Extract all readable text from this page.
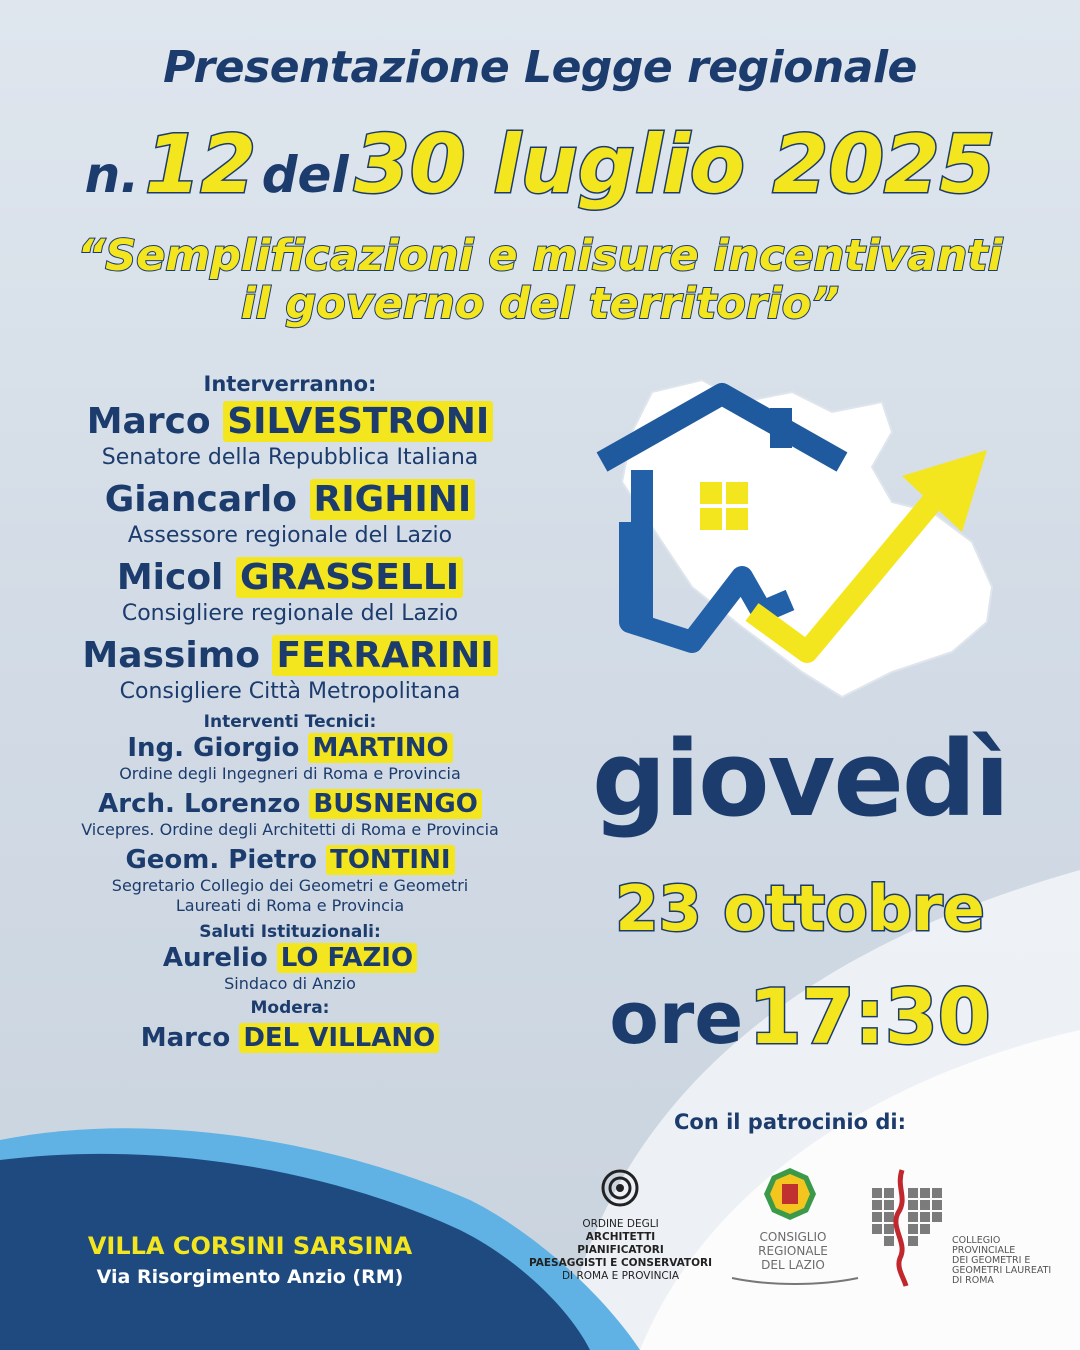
Presentazione Legge regionale
n. 12 del 30 luglio 2025
“Semplificazioni e misure incentivanti
il governo del territorio”
Interverranno:
Marco SILVESTRONI
Senatore della Repubblica Italiana
Giancarlo RIGHINI
Assessore regionale del Lazio
Micol GRASSELLI
Consigliere regionale del Lazio
Massimo FERRARINI
Consigliere Città Metropolitana
Interventi Tecnici:
Ing. Giorgio MARTINO
Ordine degli Ingegneri di Roma e Provincia
Arch. Lorenzo BUSNENGO
Vicepres. Ordine degli Architetti di Roma e Provincia
Geom. Pietro TONTINI
Segretario Collegio dei Geometri e Geometri
Laureati di Roma e Provincia
Saluti Istituzionali:
Aurelio LO FAZIO
Sindaco di Anzio
Modera:
Marco DEL VILLANO
giovedì
23 ottobre
ore 17:30
Con il patrocinio di:
ORDINE DEGLI
ARCHITETTI
PIANIFICATORI
PAESAGGISTI E CONSERVATORI
DI ROMA E PROVINCIA
CONSIGLIO
REGIONALE
DEL LAZIO
COLLEGIO
PROVINCIALE
DEI GEOMETRI E
GEOMETRI LAUREATI
DI ROMA
VILLA CORSINI SARSINA
Via Risorgimento Anzio (RM)
